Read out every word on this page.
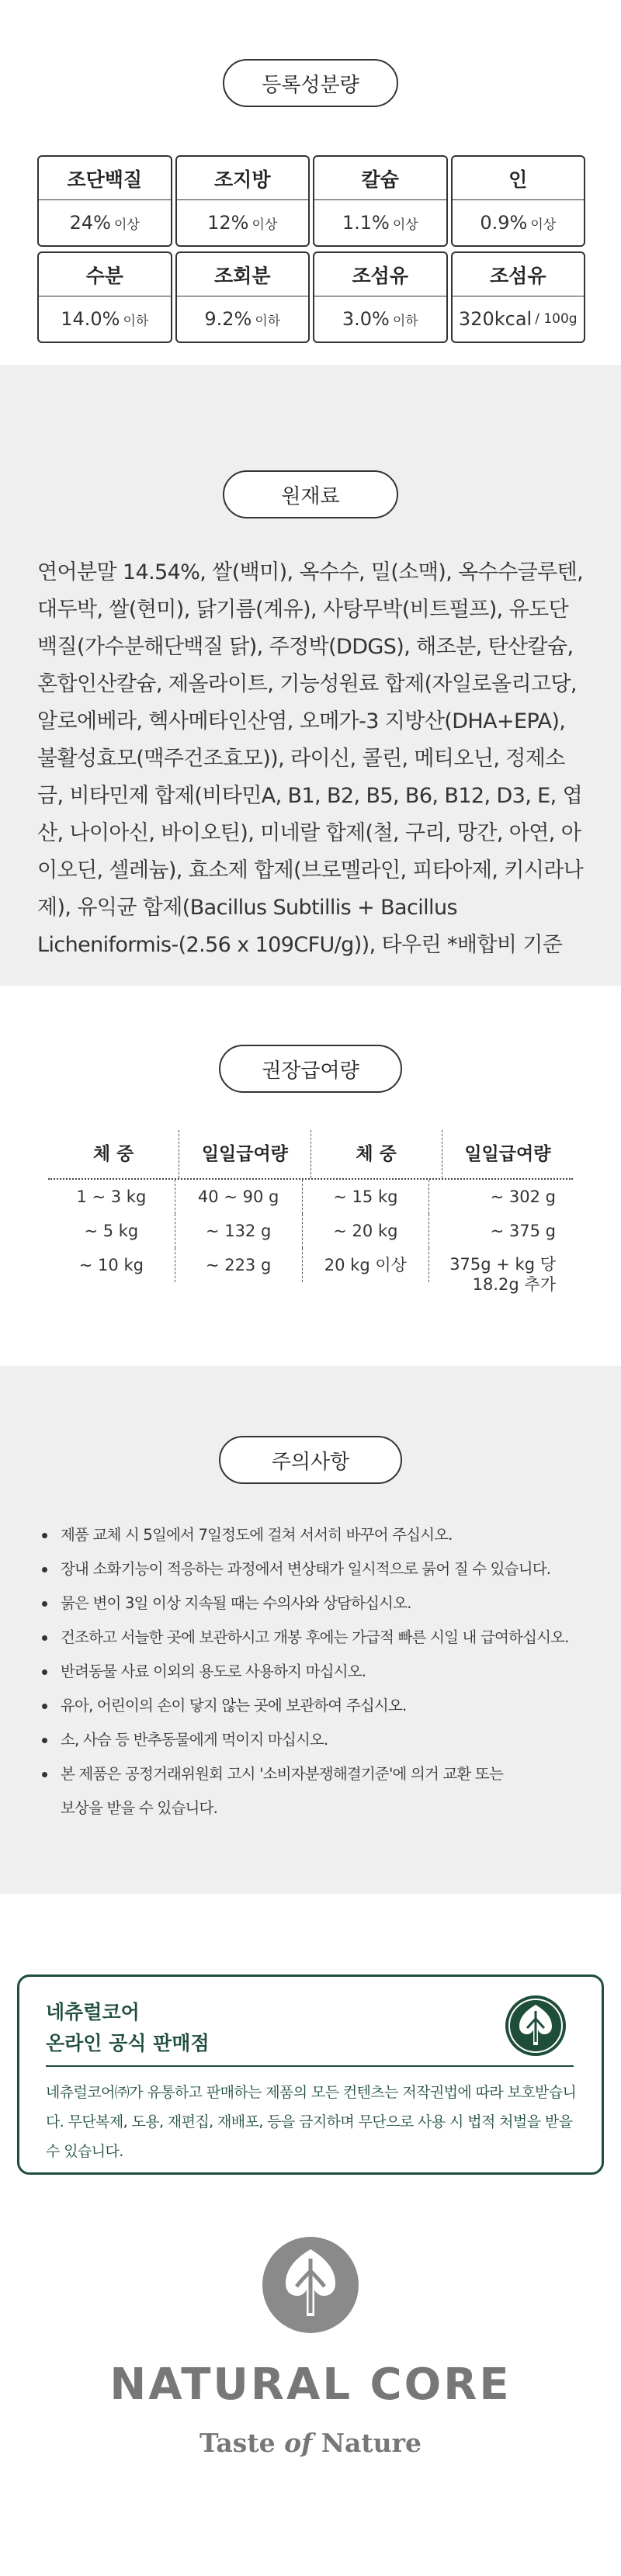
등록성분량
조단백질
24% 이상
조지방
12% 이상
칼슘
1.1% 이상
인
0.9% 이상
수분
14.0% 이하
조회분
9.2% 이하
조섬유
3.0% 이하
조섬유
320kcal / 100g
원재료

연어분말 14.54%, 쌀(백미), 옥수수, 밀(소맥), 옥수수글루텐, 대두박, 쌀(현미), 닭기름(계유), 사탕무박(비트펄프), 유도단백질(가수분해단백질 닭), 주정박(DDGS), 해조분, 탄산칼슘, 혼합인산칼슘, 제올라이트, 기능성원료 합제(자일로올리고당, 알로에베라, 헥사메타인산염, 오메가-3 지방산(DHA+EPA), 불활성효모(맥주건조효모)), 라이신, 콜린, 메티오닌, 정제소금, 비타민제 합제(비타민A, B1, B2, B5, B6, B12, D3, E, 엽산, 나이아신, 바이오틴), 미네랄 합제(철, 구리, 망간, 아연, 아이오딘, 셀레늄), 효소제 합제(브로멜라인, 피타아제, 키시라나제), 유익균 합제(Bacillus Subtillis + Bacillus Licheniformis-(2.56 x 109CFU/g)), 타우린 *배합비 기준

권장급여량
체 중	일일급여량	체 중	일일급여량
1 ~ 3 kg	40 ~ 90 g	~ 15 kg	~ 302 g
~ 5 kg	~ 132 g	~ 20 kg	~ 375 g
~ 10 kg	~ 223 g	20 kg 이상	375g + kg 당
18.2g 추가
주의사항
제품 교체 시 5일에서 7일정도에 걸쳐 서서히 바꾸어 주십시오.
장내 소화기능이 적응하는 과정에서 변상태가 일시적으로 묽어 질 수 있습니다.
묽은 변이 3일 이상 지속될 때는 수의사와 상담하십시오.
건조하고 서늘한 곳에 보관하시고 개봉 후에는 가급적 빠른 시일 내 급여하십시오.
반려동물 사료 이외의 용도로 사용하지 마십시오.
유아, 어린이의 손이 닿지 않는 곳에 보관하여 주십시오.
소, 사슴 등 반추동물에게 먹이지 마십시오.
본 제품은 공정거래위원회 고시 '소비자분쟁해결기준'에 의거 교환 또는
보상을 받을 수 있습니다.
네츄럴코어
온라인 공식 판매점

네츄럴코어㈜가 유통하고 판매하는 제품의 모든 컨텐츠는 저작권법에 따라 보호받습니다. 무단복제, 도용, 재편집, 재배포, 등을 금지하며 무단으로 사용 시 법적 처벌을 받을 수 있습니다.

NATURAL CORE
Taste of Nature
